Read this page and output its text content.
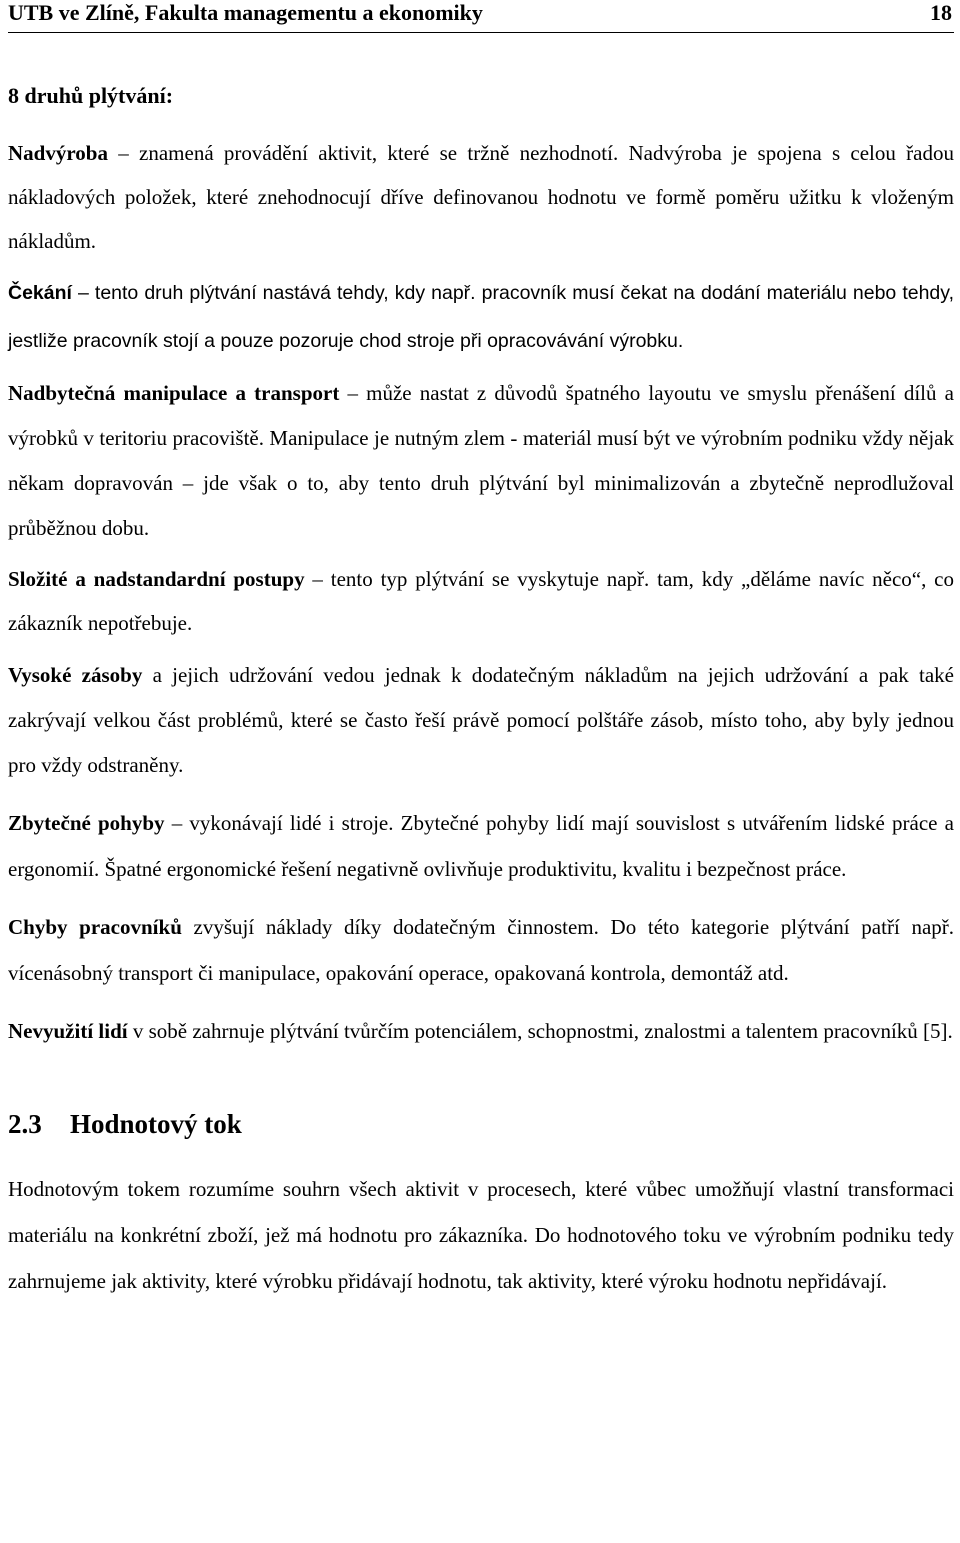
UTB ve Zlíně, Fakulta managementu a ekonomiky	18
8 druhů plýtvání:

Nadvýroba – znamená provádění aktivit, které se tržně nezhodnotí. Nadvýroba je spojena s celou řadou nákladových položek, které znehodnocují dříve definovanou hodnotu ve formě poměru užitku k vloženým nákladům.

Čekání – tento druh plýtvání nastává tehdy, kdy např. pracovník musí čekat na dodání materiálu nebo tehdy, jestliže pracovník stojí a pouze pozoruje chod stroje při opracovávání výrobku.

Nadbytečná manipulace a transport – může nastat z důvodů špatného layoutu ve smyslu přenášení dílů a výrobků v teritoriu pracoviště. Manipulace je nutným zlem - materiál musí být ve výrobním podniku vždy nějak někam dopravován – jde však o to, aby tento druh plýtvání byl minimalizován a zbytečně neprodlužoval průběžnou dobu.

Složité a nadstandardní postupy – tento typ plýtvání se vyskytuje např. tam, kdy „děláme navíc něco“, co zákazník nepotřebuje.

Vysoké zásoby a jejich udržování vedou jednak k dodatečným nákladům na jejich udržování a pak také zakrývají velkou část problémů, které se často řeší právě pomocí polštáře zásob, místo toho, aby byly jednou pro vždy odstraněny.

Zbytečné pohyby – vykonávají lidé i stroje. Zbytečné pohyby lidí mají souvislost s utvářením lidské práce a ergonomií. Špatné ergonomické řešení negativně ovlivňuje produktivitu, kvalitu i bezpečnost práce.

Chyby pracovníků zvyšují náklady díky dodatečným činnostem. Do této kategorie plýtvání patří např. vícenásobný transport či manipulace, opakování operace, opakovaná kontrola, demontáž atd.

Nevyužití lidí v sobě zahrnuje plýtvání tvůrčím potenciálem, schopnostmi, znalostmi a talentem pracovníků [5].

2.3 Hodnotový tok

Hodnotovým tokem rozumíme souhrn všech aktivit v procesech, které vůbec umožňují vlastní transformaci materiálu na konkrétní zboží, jež má hodnotu pro zákazníka. Do hodnotového toku ve výrobním podniku tedy zahrnujeme jak aktivity, které výrobku přidávají hodnotu, tak aktivity, které výroku hodnotu nepřidávají.
